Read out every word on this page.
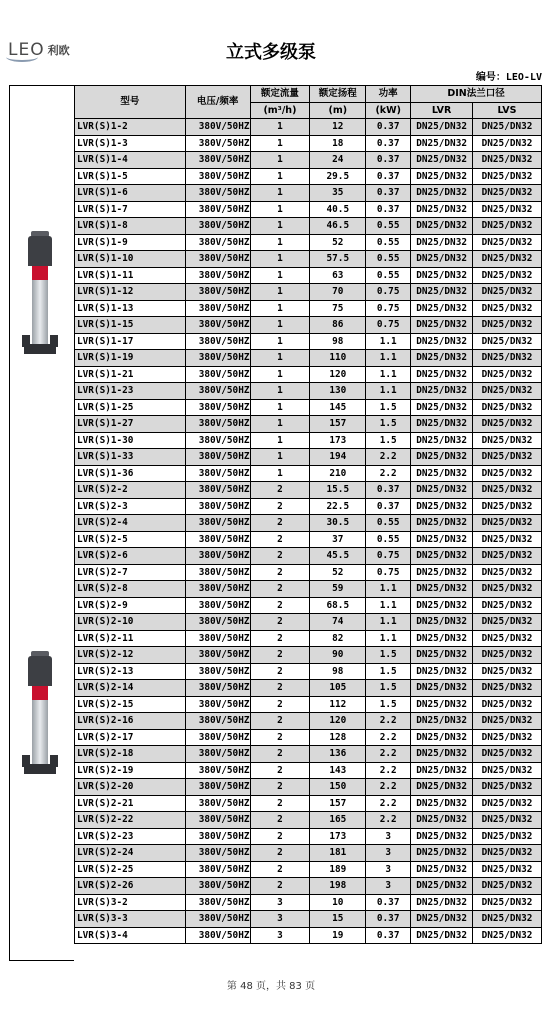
LEO 利欧	立式多级泵
编号：LEO-LV
型号	电压/频率	额定流量	额定扬程	功率	DIN法兰口径	
		(m³/h)	(m)	(kW)	LVR	LVS
LVR(S)1-2	380V/50HZ	1	12	0.37	DN25/DN32	DN25/DN32
LVR(S)1-3	380V/50HZ	1	18	0.37	DN25/DN32	DN25/DN32
LVR(S)1-4	380V/50HZ	1	24	0.37	DN25/DN32	DN25/DN32
LVR(S)1-5	380V/50HZ	1	29.5	0.37	DN25/DN32	DN25/DN32
LVR(S)1-6	380V/50HZ	1	35	0.37	DN25/DN32	DN25/DN32
LVR(S)1-7	380V/50HZ	1	40.5	0.37	DN25/DN32	DN25/DN32
LVR(S)1-8	380V/50HZ	1	46.5	0.55	DN25/DN32	DN25/DN32
LVR(S)1-9	380V/50HZ	1	52	0.55	DN25/DN32	DN25/DN32
LVR(S)1-10	380V/50HZ	1	57.5	0.55	DN25/DN32	DN25/DN32
LVR(S)1-11	380V/50HZ	1	63	0.55	DN25/DN32	DN25/DN32
LVR(S)1-12	380V/50HZ	1	70	0.75	DN25/DN32	DN25/DN32
LVR(S)1-13	380V/50HZ	1	75	0.75	DN25/DN32	DN25/DN32
LVR(S)1-15	380V/50HZ	1	86	0.75	DN25/DN32	DN25/DN32
LVR(S)1-17	380V/50HZ	1	98	1.1	DN25/DN32	DN25/DN32
LVR(S)1-19	380V/50HZ	1	110	1.1	DN25/DN32	DN25/DN32
LVR(S)1-21	380V/50HZ	1	120	1.1	DN25/DN32	DN25/DN32
LVR(S)1-23	380V/50HZ	1	130	1.1	DN25/DN32	DN25/DN32
LVR(S)1-25	380V/50HZ	1	145	1.5	DN25/DN32	DN25/DN32
LVR(S)1-27	380V/50HZ	1	157	1.5	DN25/DN32	DN25/DN32
LVR(S)1-30	380V/50HZ	1	173	1.5	DN25/DN32	DN25/DN32
LVR(S)1-33	380V/50HZ	1	194	2.2	DN25/DN32	DN25/DN32
LVR(S)1-36	380V/50HZ	1	210	2.2	DN25/DN32	DN25/DN32
LVR(S)2-2	380V/50HZ	2	15.5	0.37	DN25/DN32	DN25/DN32
LVR(S)2-3	380V/50HZ	2	22.5	0.37	DN25/DN32	DN25/DN32
LVR(S)2-4	380V/50HZ	2	30.5	0.55	DN25/DN32	DN25/DN32
LVR(S)2-5	380V/50HZ	2	37	0.55	DN25/DN32	DN25/DN32
LVR(S)2-6	380V/50HZ	2	45.5	0.75	DN25/DN32	DN25/DN32
LVR(S)2-7	380V/50HZ	2	52	0.75	DN25/DN32	DN25/DN32
LVR(S)2-8	380V/50HZ	2	59	1.1	DN25/DN32	DN25/DN32
LVR(S)2-9	380V/50HZ	2	68.5	1.1	DN25/DN32	DN25/DN32
LVR(S)2-10	380V/50HZ	2	74	1.1	DN25/DN32	DN25/DN32
LVR(S)2-11	380V/50HZ	2	82	1.1	DN25/DN32	DN25/DN32
LVR(S)2-12	380V/50HZ	2	90	1.5	DN25/DN32	DN25/DN32
LVR(S)2-13	380V/50HZ	2	98	1.5	DN25/DN32	DN25/DN32
LVR(S)2-14	380V/50HZ	2	105	1.5	DN25/DN32	DN25/DN32
LVR(S)2-15	380V/50HZ	2	112	1.5	DN25/DN32	DN25/DN32
LVR(S)2-16	380V/50HZ	2	120	2.2	DN25/DN32	DN25/DN32
LVR(S)2-17	380V/50HZ	2	128	2.2	DN25/DN32	DN25/DN32
LVR(S)2-18	380V/50HZ	2	136	2.2	DN25/DN32	DN25/DN32
LVR(S)2-19	380V/50HZ	2	143	2.2	DN25/DN32	DN25/DN32
LVR(S)2-20	380V/50HZ	2	150	2.2	DN25/DN32	DN25/DN32
LVR(S)2-21	380V/50HZ	2	157	2.2	DN25/DN32	DN25/DN32
LVR(S)2-22	380V/50HZ	2	165	2.2	DN25/DN32	DN25/DN32
LVR(S)2-23	380V/50HZ	2	173	3	DN25/DN32	DN25/DN32
LVR(S)2-24	380V/50HZ	2	181	3	DN25/DN32	DN25/DN32
LVR(S)2-25	380V/50HZ	2	189	3	DN25/DN32	DN25/DN32
LVR(S)2-26	380V/50HZ	2	198	3	DN25/DN32	DN25/DN32
LVR(S)3-2	380V/50HZ	3	10	0.37	DN25/DN32	DN25/DN32
LVR(S)3-3	380V/50HZ	3	15	0.37	DN25/DN32	DN25/DN32
LVR(S)3-4	380V/50HZ	3	19	0.37	DN25/DN32	DN25/DN32
第 48 页，共 83 页
